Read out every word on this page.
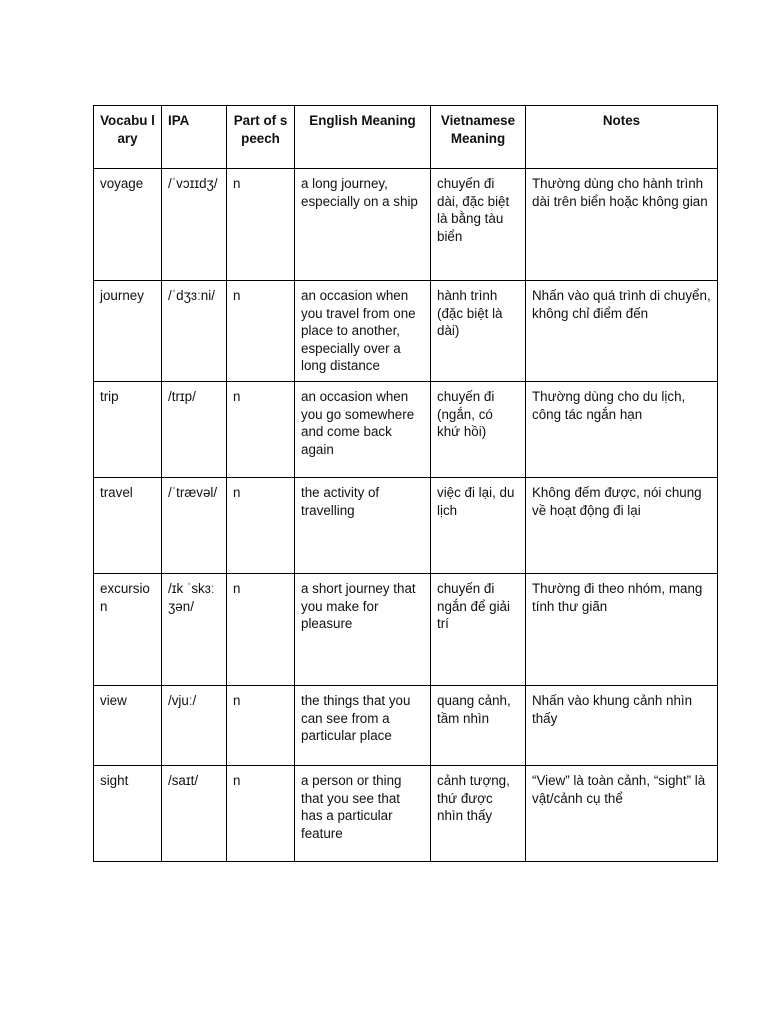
Vocabu lary	IPA	Part of speech	English Meaning	Vietnamese Meaning	Notes
voyage	/ˈvɔɪɪdʒ/	n	a long journey, especially on a ship	chuyến đi dài, đặc biệt là bằng tàu biển	Thường dùng cho hành trình dài trên biển hoặc không gian
journey	/ˈdʒɜːni/	n	an occasion when you travel from one place to another, especially over a long distance	hành trình (đặc biệt là dài)	Nhấn vào quá trình di chuyển, không chỉ điểm đến
trip	/trɪp/	n	an occasion when you go somewhere and come back again	chuyến đi (ngắn, có khứ hồi)	Thường dùng cho du lịch, công tác ngắn hạn
travel	/ˈtrævəl/	n	the activity of travelling	việc đi lại, du lịch	Không đếm được, nói chung về hoạt động đi lại
excursion	/ɪk ˈskɜːʒən/	n	a short journey that you make for pleasure	chuyến đi ngắn để giải trí	Thường đi theo nhóm, mang tính thư giãn
view	/vjuː/	n	the things that you can see from a particular place	quang cảnh, tầm nhìn	Nhấn vào khung cảnh nhìn thấy
sight	/saɪt/	n	a person or thing that you see that has a particular feature	cảnh tượng, thứ được nhìn thấy	“View” là toàn cảnh, “sight” là vật/cảnh cụ thể
